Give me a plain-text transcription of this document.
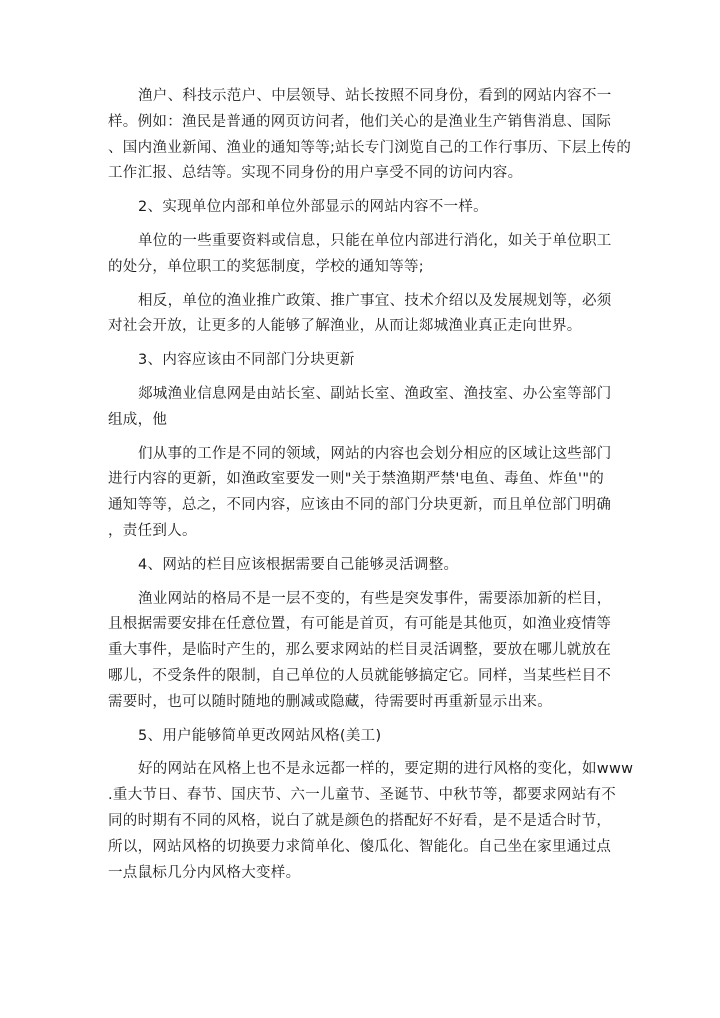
渔户、科技示范户、中层领导、站长按照不同身份，看到的网站内容不一
样。例如：渔民是普通的网页访问者，他们关心的是渔业生产销售消息、国际
、国内渔业新闻、渔业的通知等等;站长专门浏览自己的工作行事历、下层上传的
工作汇报、总结等。实现不同身份的用户享受不同的访问内容。
2、实现单位内部和单位外部显示的网站内容不一样。
单位的一些重要资料或信息，只能在单位内部进行消化，如关于单位职工
的处分，单位职工的奖惩制度，学校的通知等等;
相反，单位的渔业推广政策、推广事宜、技术介绍以及发展规划等，必须
对社会开放，让更多的人能够了解渔业，从而让郯城渔业真正走向世界。
3、内容应该由不同部门分块更新
郯城渔业信息网是由站长室、副站长室、渔政室、渔技室、办公室等部门
组成，他
们从事的工作是不同的领域，网站的内容也会划分相应的区域让这些部门
进行内容的更新，如渔政室要发一则"关于禁渔期严禁'电鱼、毒鱼、炸鱼'"的
通知等等，总之，不同内容，应该由不同的部门分块更新，而且单位部门明确
，责任到人。
4、网站的栏目应该根据需要自己能够灵活调整。
渔业网站的格局不是一层不变的，有些是突发事件，需要添加新的栏目，
且根据需要安排在任意位置，有可能是首页，有可能是其他页，如渔业疫情等
重大事件，是临时产生的，那么要求网站的栏目灵活调整，要放在哪儿就放在
哪儿，不受条件的限制，自己单位的人员就能够搞定它。同样，当某些栏目不
需要时，也可以随时随地的删减或隐藏，待需要时再重新显示出来。
5、用户能够简单更改网站风格(美工)
好的网站在风格上也不是永远都一样的，要定期的进行风格的变化，如www
.重大节日、春节、国庆节、六一儿童节、圣诞节、中秋节等，都要求网站有不
同的时期有不同的风格，说白了就是颜色的搭配好不好看，是不是适合时节，
所以，网站风格的切换要力求简单化、傻瓜化、智能化。自己坐在家里通过点
一点鼠标几分内风格大变样。
